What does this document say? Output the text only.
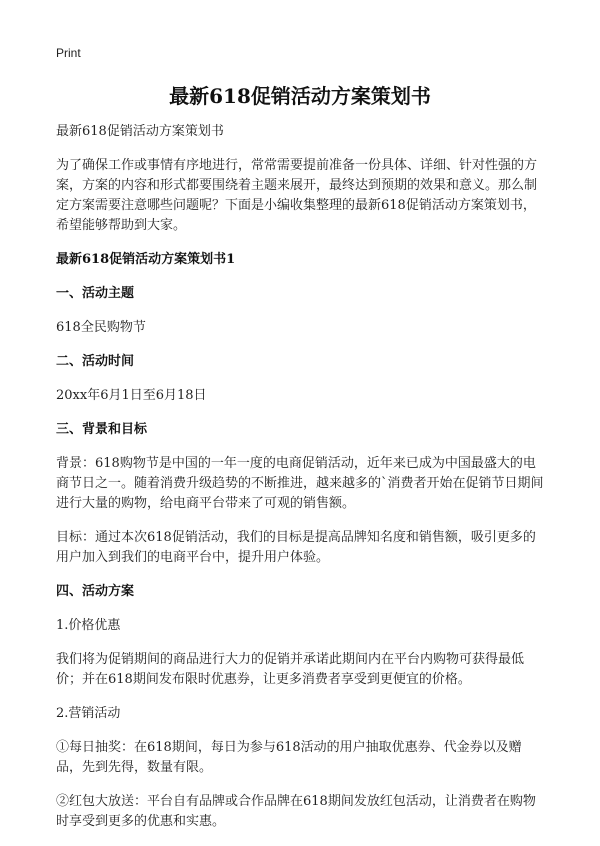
Print
最新618促销活动方案策划书

最新618促销活动方案策划书

为了确保工作或事情有序地进行，常常需要提前准备一份具体、详细、针对性强的方案，方案的内容和形式都要围绕着主题来展开，最终达到预期的效果和意义。那么制定方案需要注意哪些问题呢？下面是小编收集整理的最新618促销活动方案策划书，希望能够帮助到大家。

最新618促销活动方案策划书1

一、活动主题

618全民购物节

二、活动时间

20xx年6月1日至6月18日

三、背景和目标

背景：618购物节是中国的一年一度的电商促销活动，近年来已成为中国最盛大的电商节日之一。随着消费升级趋势的不断推进，越来越多的`消费者开始在促销节日期间进行大量的购物，给电商平台带来了可观的销售额。

目标：通过本次618促销活动，我们的目标是提高品牌知名度和销售额，吸引更多的用户加入到我们的电商平台中，提升用户体验。

四、活动方案

1.价格优惠

我们将为促销期间的商品进行大力的促销并承诺此期间内在平台内购物可获得最低价；并在618期间发布限时优惠券，让更多消费者享受到更便宜的价格。

2.营销活动

①每日抽奖：在618期间，每日为参与618活动的用户抽取优惠券、代金券以及赠品，先到先得，数量有限。

②红包大放送：平台自有品牌或合作品牌在618期间发放红包活动，让消费者在购物时享受到更多的优惠和实惠。
